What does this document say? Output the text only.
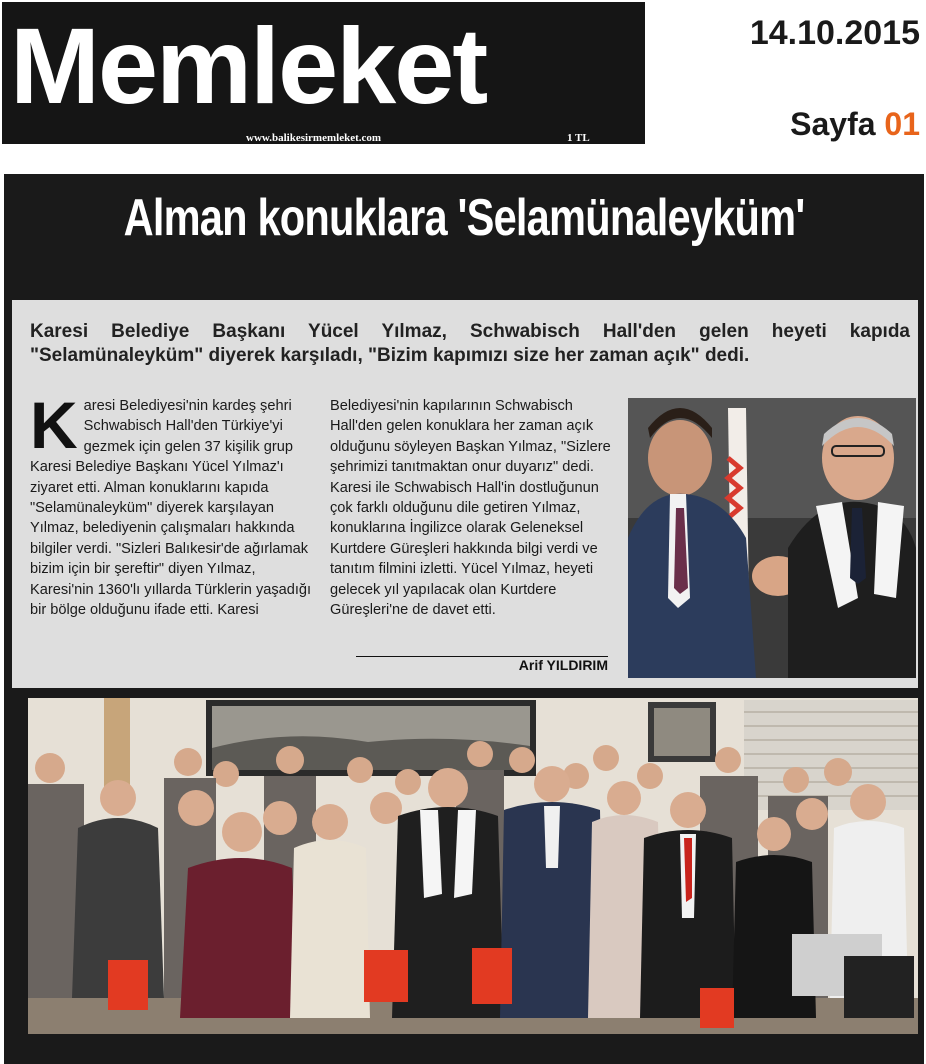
Memleket
www.balikesirmemleket.com	1 TL
14.10.2015
Sayfa 01
Alman konuklara 'Selamünaleyküm'
Karesi Belediye Başkanı Yücel Yılmaz, Schwabisch Hall'den gelen heyeti kapıda "Selamünaleyküm" diyerek karşıladı, "Bizim kapımızı size her zaman açık" dedi.
K aresi Belediyesi'nin kardeş şehri Schwabisch Hall'den Türkiye'yi gezmek için gelen 37 kişilik grup Karesi Belediye Başkanı Yücel Yılmaz'ı ziyaret etti. Alman konuklarını kapıda "Selamünaleyküm" diyerek karşılayan Yılmaz, belediyenin çalışmaları hakkında bilgiler verdi. "Sizleri Balıkesir'de ağırlamak bizim için bir şereftir" diyen Yılmaz, Karesi'nin 1360'lı yıllarda Türklerin yaşadığı bir bölge olduğunu ifade etti. Karesi
Belediyesi'nin kapılarının Schwabisch Hall'den gelen konuklara her zaman açık olduğunu söyleyen Başkan Yılmaz, "Sizlere şehrimizi tanıtmaktan onur duyarız" dedi. Karesi ile Schwabisch Hall'in dostluğunun çok farklı olduğunu dile getiren Yılmaz, konuklarına İngilizce olarak Geleneksel Kurtdere Güreşleri hakkında bilgi verdi ve tanıtım filmini izletti. Yücel Yılmaz, heyeti gelecek yıl yapılacak olan Kurtdere Güreşleri'ne de davet etti.
Arif YILDIRIM
